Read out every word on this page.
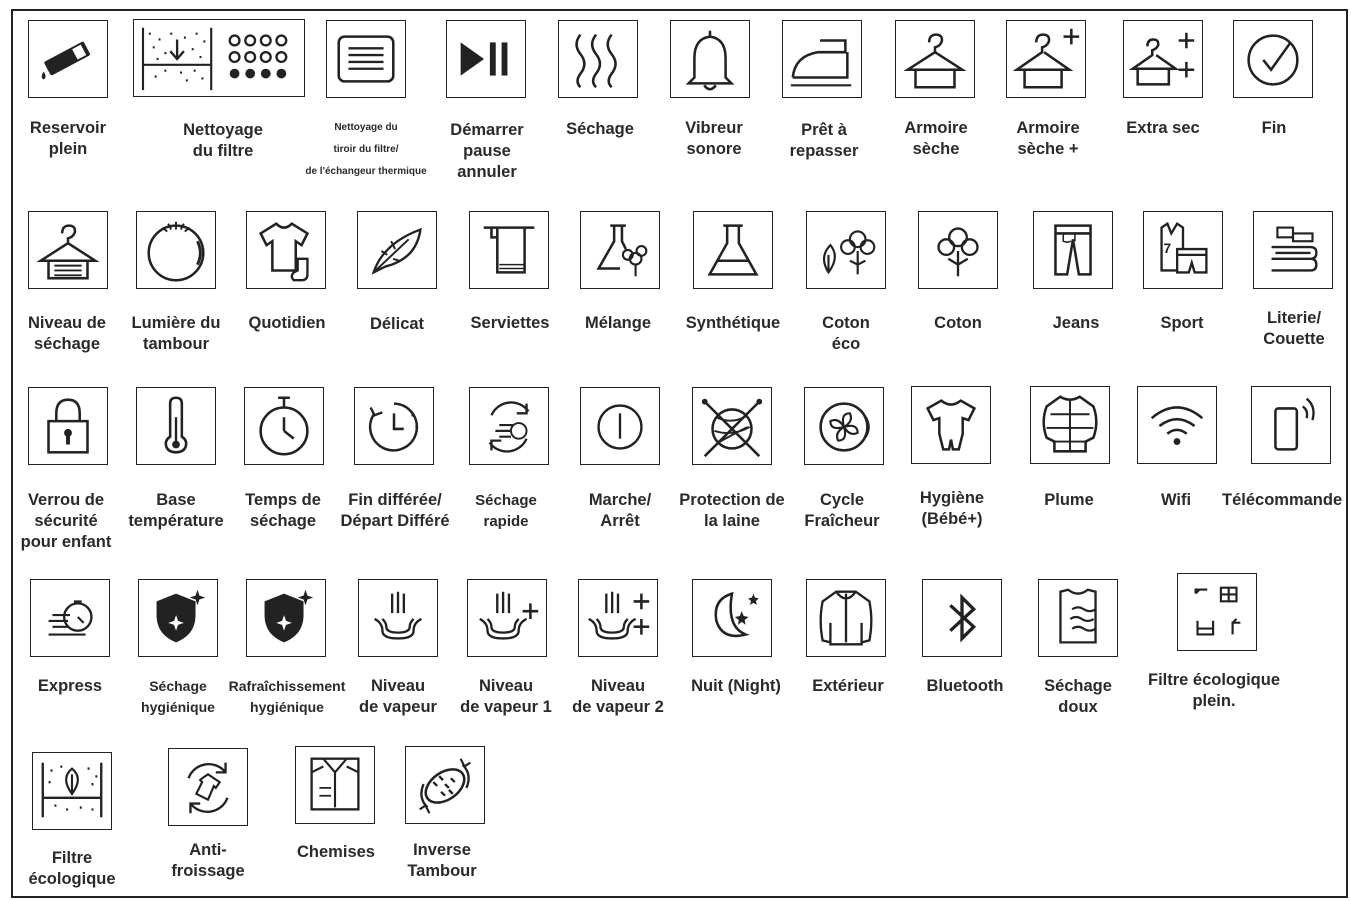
7
Reservoir
plein
Nettoyage
du filtre
Nettoyage du
tiroir du filtre/
de l'échangeur thermique
Démarrer
pause
annuler
Séchage	Vibreur
sonore
Prêt à
repasser
Armoire
sèche
Armoire
sèche +
Extra sec	Fin
Niveau de
séchage
Lumière du
tambour
Quotidien	Délicat	Serviettes	Mélange	Synthétique	Coton
éco
Coton	Jeans	Sport	Literie/
Couette
Verrou de
sécurité
pour enfant
Base
température
Temps de
séchage
Fin différée/
Départ Différé
Séchage
rapide
Marche/
Arrêt
Protection de
la laine
Cycle
Fraîcheur
Hygiène
(Bébé+)
Plume	Wifi	Télécommande
Express	Séchage
hygiénique
Rafraîchissement
hygiénique
Niveau
de vapeur
Niveau
de vapeur 1
Niveau
de vapeur 2
Nuit (Night)	Extérieur	Bluetooth	Séchage
doux
Filtre écologique
plein.
Filtre
écologique
Anti-
froissage
Chemises	Inverse
Tambour
